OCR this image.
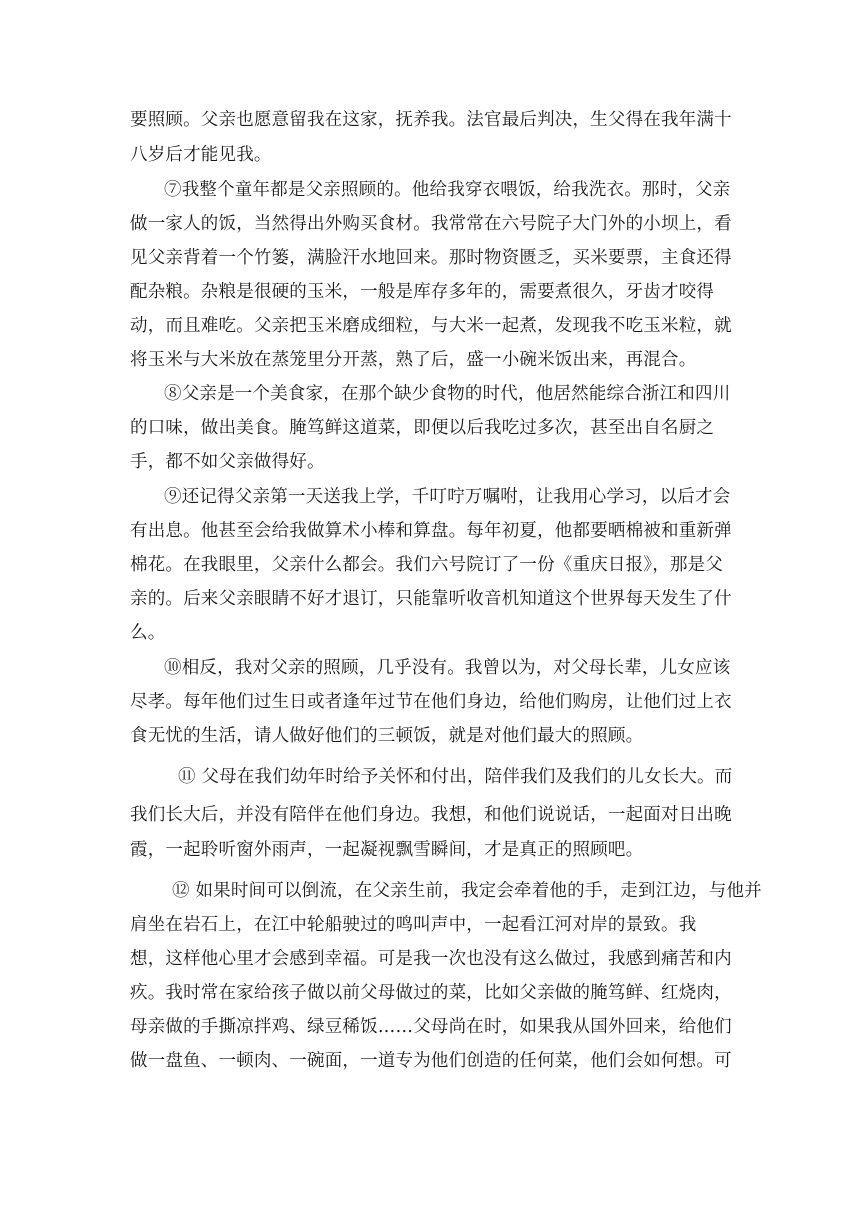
要照顾。父亲也愿意留我在这家，抚养我。法官最后判决，生父得在我年满十
八岁后才能见我。
⑦我整个童年都是父亲照顾的。他给我穿衣喂饭，给我洗衣。那时，父亲
做一家人的饭，当然得出外购买食材。我常常在六号院子大门外的小坝上，看
见父亲背着一个竹篓，满脸汗水地回来。那时物资匮乏，买米要票，主食还得
配杂粮。杂粮是很硬的玉米，一般是库存多年的，需要煮很久，牙齿才咬得
动，而且难吃。父亲把玉米磨成细粒，与大米一起煮，发现我不吃玉米粒，就
将玉米与大米放在蒸笼里分开蒸，熟了后，盛一小碗米饭出来，再混合。
⑧父亲是一个美食家，在那个缺少食物的时代，他居然能综合浙江和四川
的口味，做出美食。腌笃鲜这道菜，即便以后我吃过多次，甚至出自名厨之
手，都不如父亲做得好。
⑨还记得父亲第一天送我上学，千叮咛万嘱咐，让我用心学习，以后才会
有出息。他甚至会给我做算术小棒和算盘。每年初夏，他都要晒棉被和重新弹
棉花。在我眼里，父亲什么都会。我们六号院订了一份《重庆日报》，那是父
亲的。后来父亲眼睛不好才退订，只能靠听收音机知道这个世界每天发生了什
么。
⑩相反，我对父亲的照顾，几乎没有。我曾以为，对父母长辈，儿女应该
尽孝。每年他们过生日或者逢年过节在他们身边，给他们购房，让他们过上衣
食无忧的生活，请人做好他们的三顿饭，就是对他们最大的照顾。
⑪ 父母在我们幼年时给予关怀和付出，陪伴我们及我们的儿女长大。而
我们长大后，并没有陪伴在他们身边。我想，和他们说说话，一起面对日出晚
霞，一起聆听窗外雨声，一起凝视飘雪瞬间，才是真正的照顾吧。
⑫ 如果时间可以倒流，在父亲生前，我定会牵着他的手，走到江边，与他并
肩坐在岩石上，在江中轮船驶过的鸣叫声中，一起看江河对岸的景致。我
想，这样他心里才会感到幸福。可是我一次也没有这么做过，我感到痛苦和内
疚。我时常在家给孩子做以前父母做过的菜，比如父亲做的腌笃鲜、红烧肉，
母亲做的手撕凉拌鸡、绿豆稀饭……父母尚在时，如果我从国外回来，给他们
做一盘鱼、一顿肉、一碗面，一道专为他们创造的任何菜，他们会如何想。可
